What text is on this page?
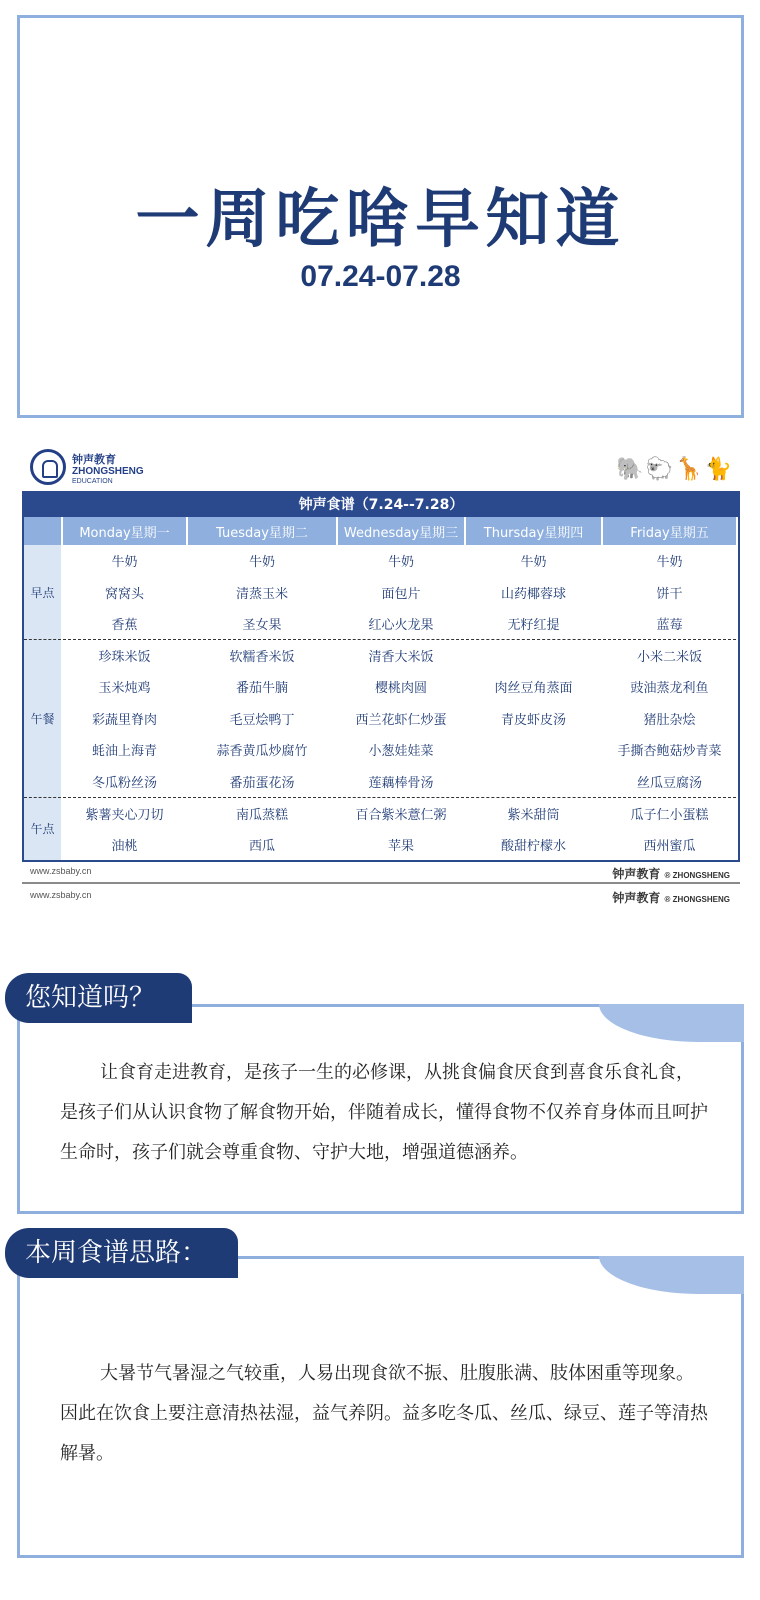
一周吃啥早知道
07.24-07.28
钟声教育
ZHONGSHENG
EDUCATION	🐘🐑🦒🐈
钟声食谱（7.24--7.28）
	Monday星期一	Tuesday星期二	Wednesday星期三	Thursday星期四	Friday星期五
早点	牛奶	牛奶	牛奶	牛奶	牛奶
	窝窝头	清蒸玉米	面包片	山药椰蓉球	饼干
	香蕉	圣女果	红心火龙果	无籽红提	蓝莓
午餐	珍珠米饭	软糯香米饭	清香大米饭		小米二米饭
	玉米炖鸡	番茄牛腩	樱桃肉圆	肉丝豆角蒸面	豉油蒸龙利鱼
	彩蔬里脊肉	毛豆烩鸭丁	西兰花虾仁炒蛋	青皮虾皮汤	猪肚杂烩
	蚝油上海青	蒜香黄瓜炒腐竹	小葱娃娃菜		手撕杏鲍菇炒青菜
	冬瓜粉丝汤	番茄蛋花汤	莲藕棒骨汤		丝瓜豆腐汤
午点	紫薯夹心刀切	南瓜蒸糕	百合紫米薏仁粥	紫米甜筒	瓜子仁小蛋糕
	油桃	西瓜	苹果	酸甜柠檬水	西州蜜瓜
www.zsbaby.cn	钟声教育 ® ZHONGSHENG
www.zsbaby.cn	钟声教育 ® ZHONGSHENG

让食育走进教育，是孩子一生的必修课，从挑食偏食厌食到喜食乐食礼食，是孩子们从认识食物了解食物开始，伴随着成长，懂得食物不仅养育身体而且呵护生命时，孩子们就会尊重食物、守护大地，增强道德涵养。

您知道吗？

大暑节气暑湿之气较重，人易出现食欲不振、肚腹胀满、肢体困重等现象。因此在饮食上要注意清热祛湿，益气养阴。益多吃冬瓜、丝瓜、绿豆、莲子等清热解暑。

本周食谱思路：
